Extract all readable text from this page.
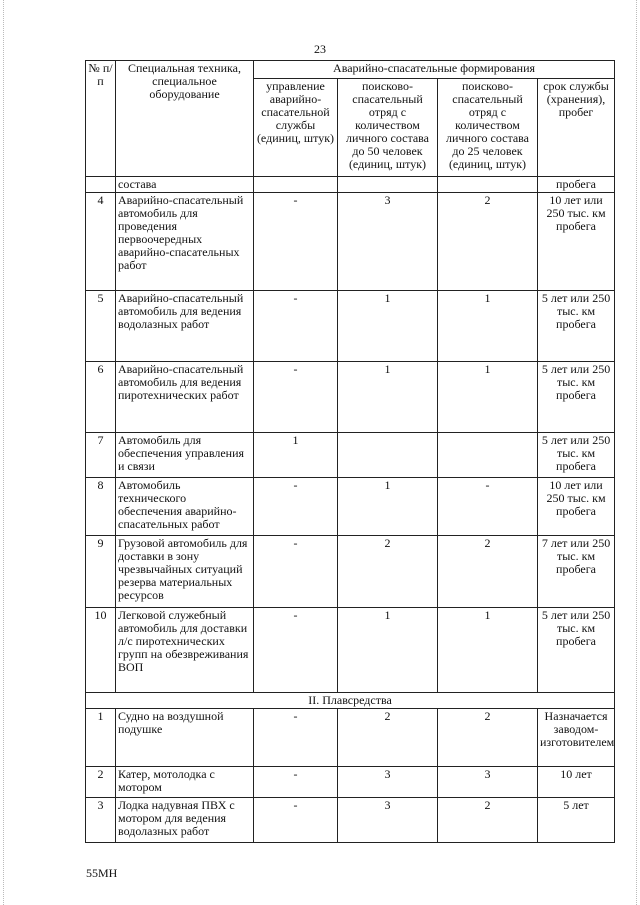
23
№ п/п	Специальная техника, специальное оборудование	Аварийно-спасательные формирования			
		управление аварийно-спасательной службы (единиц, штук)	поисково-спасательный отряд с количеством личного состава до 50 человек (единиц, штук)	поисково-спасательный отряд с количеством личного состава до 25 человек (единиц, штук)	срок службы (хранения), пробег
	состава				пробега
4	Аварийно-спасательный автомобиль для проведения первоочередных аварийно-спасательных работ	-	3	2	10 лет или 250 тыс. км пробега
5	Аварийно-спасательный автомобиль для ведения водолазных работ	-	1	1	5 лет или 250 тыс. км пробега
6	Аварийно-спасательный автомобиль для ведения пиротехнических работ	-	1	1	5 лет или 250 тыс. км пробега
7	Автомобиль для обеспечения управления и связи	1			5 лет или 250 тыс. км пробега
8	Автомобиль технического обеспечения аварийно-спасательных работ	-	1	-	10 лет или 250 тыс. км пробега
9	Грузовой автомобиль для доставки в зону чрезвычайных ситуаций резерва материальных ресурсов	-	2	2	7 лет или 250 тыс. км пробега
10	Легковой служебный автомобиль для доставки л/с пиротехнических групп на обезвреживания ВОП	-	1	1	5 лет или 250 тыс. км пробега
II. Плавсредства					
1	Судно на воздушной подушке	-	2	2	Назначается заводом-изготовителем
2	Катер, мотолодка с мотором	-	3	3	10 лет
3	Лодка надувная ПВХ с мотором для ведения водолазных работ	-	3	2	5 лет
55МН
